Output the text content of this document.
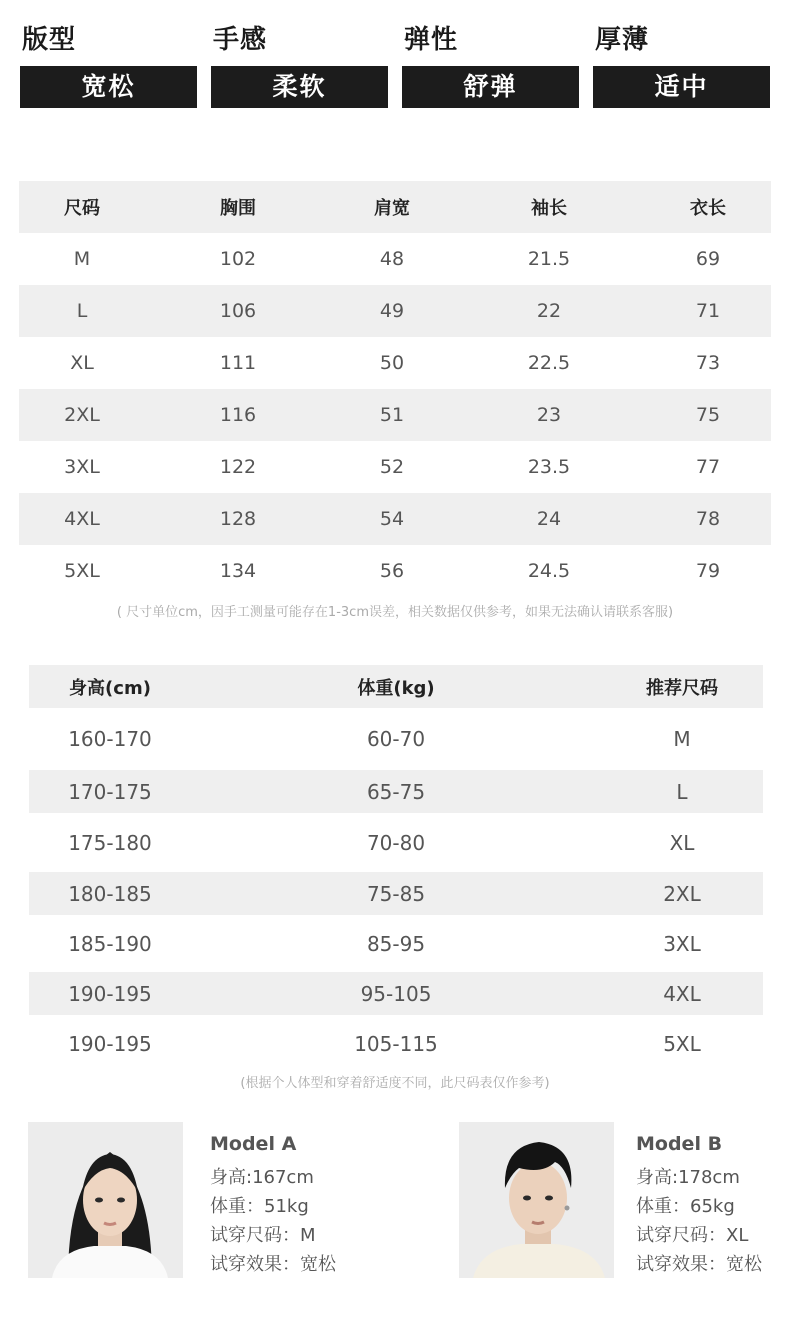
版型
宽松
手感
柔软
弹性
舒弹
厚薄
适中
尺码	胸围	肩宽	袖长	衣长
M	102	48	21.5	69
L	106	49	22	71
XL	111	50	22.5	73
2XL	116	51	23	75
3XL	122	52	23.5	77
4XL	128	54	24	78
5XL	134	56	24.5	79
( 尺寸单位cm，因手工测量可能存在1-3cm误差，相关数据仅供参考，如果无法确认请联系客服)
身高(cm)	体重(kg)	推荐尺码
160-170	60-70	M
170-175	65-75	L
175-180	70-80	XL
180-185	75-85	2XL
185-190	85-95	3XL
190-195	95-105	4XL
190-195	105-115	5XL
(根据个人体型和穿着舒适度不同，此尺码表仅作参考)
Model A
身高:167cm
体重：51kg
试穿尺码：M
试穿效果：宽松
Model B
身高:178cm
体重：65kg
试穿尺码：XL
试穿效果：宽松
